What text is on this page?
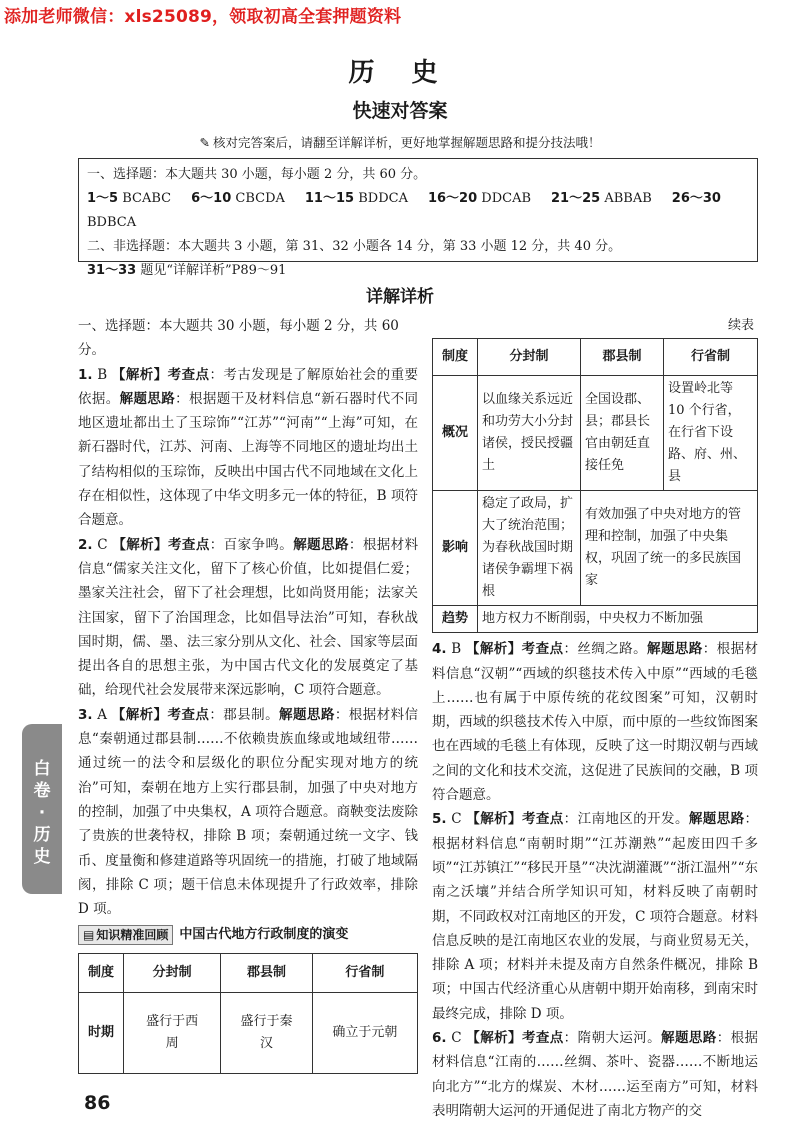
添加老师微信：xls25089，领取初高全套押题资料
历 史
快速对答案
✎ 核对完答案后，请翻至详解详析，更好地掌握解题思路和提分技法哦！
一、选择题：本大题共 30 小题，每小题 2 分，共 60 分。
1～5 BCABC 6～10 CBCDA 11～15 BDDCA 16～20 DDCAB 21～25 ABBAB 26～30 BDBCA
二、非选择题：本大题共 3 小题，第 31、32 小题各 14 分，第 33 小题 12 分，共 40 分。
31～33 题见“详解详析”P89～91
详解详析
一、选择题：本大题共 30 小题，每小题 2 分，共 60 分。
1. B 【解析】考查点：考古发现是了解原始社会的重要依据。解题思路：根据题干及材料信息“新石器时代不同地区遗址都出土了玉琮饰”“江苏”“河南”“上海”可知，在新石器时代，江苏、河南、上海等不同地区的遗址均出土了结构相似的玉琮饰，反映出中国古代不同地域在文化上存在相似性，这体现了中华文明多元一体的特征，B 项符合题意。
2. C 【解析】考查点：百家争鸣。解题思路：根据材料信息“儒家关注文化，留下了核心价值，比如提倡仁爱；墨家关注社会，留下了社会理想，比如尚贤用能；法家关注国家，留下了治国理念，比如倡导法治”可知，春秋战国时期，儒、墨、法三家分别从文化、社会、国家等层面提出各自的思想主张，为中国古代文化的发展奠定了基础，给现代社会发展带来深远影响，C 项符合题意。
3. A 【解析】考查点：郡县制。解题思路：根据材料信息“秦朝通过郡县制……不依赖贵族血缘或地域纽带……通过统一的法令和层级化的职位分配实现对地方的统治”可知，秦朝在地方上实行郡县制，加强了中央对地方的控制，加强了中央集权，A 项符合题意。商鞅变法废除了贵族的世袭特权，排除 B 项；秦朝通过统一文字、钱币、度量衡和修建道路等巩固统一的措施，打破了地域隔阂，排除 C 项；题干信息未体现提升了行政效率，排除 D 项。
▤ 知识精准回顾 中国古代地方行政制度的演变
制度	分封制	郡县制	行省制
时期	盛行于西周	盛行于秦汉	确立于元朝
续表
制度	分封制	郡县制	行省制
概况	以血缘关系远近和功劳大小分封诸侯，授民授疆土	全国设郡、县；郡县长官由朝廷直接任免	设置岭北等 10 个行省，在行省下设路、府、州、县
影响	稳定了政局，扩大了统治范围；为春秋战国时期诸侯争霸埋下祸根	有效加强了中央对地方的管理和控制，加强了中央集权，巩固了统一的多民族国家	
趋势	地方权力不断削弱，中央权力不断加强		
4. B 【解析】考查点：丝绸之路。解题思路：根据材料信息“汉朝”“西域的织毯技术传入中原”“西域的毛毯上……也有属于中原传统的花纹图案”可知，汉朝时期，西域的织毯技术传入中原，而中原的一些纹饰图案也在西域的毛毯上有体现，反映了这一时期汉朝与西域之间的文化和技术交流，这促进了民族间的交融，B 项符合题意。
5. C 【解析】考查点：江南地区的开发。解题思路：根据材料信息“南朝时期”“江苏潮熟”“起废田四千多顷”“江苏镇江”“移民开垦”“决沈湖灌溉”“浙江温州”“东南之沃壤”并结合所学知识可知，材料反映了南朝时期，不同政权对江南地区的开发，C 项符合题意。材料信息反映的是江南地区农业的发展，与商业贸易无关，排除 A 项；材料并未提及南方自然条件概况，排除 B 项；中国古代经济重心从唐朝中期开始南移，到南宋时最终完成，排除 D 项。
6. C 【解析】考查点：隋朝大运河。解题思路：根据材料信息“江南的……丝绸、茶叶、瓷器……不断地运向北方”“北方的煤炭、木材……运至南方”可知，材料表明隋朝大运河的开通促进了南北方物产的交
白
卷
·
历
史
86
